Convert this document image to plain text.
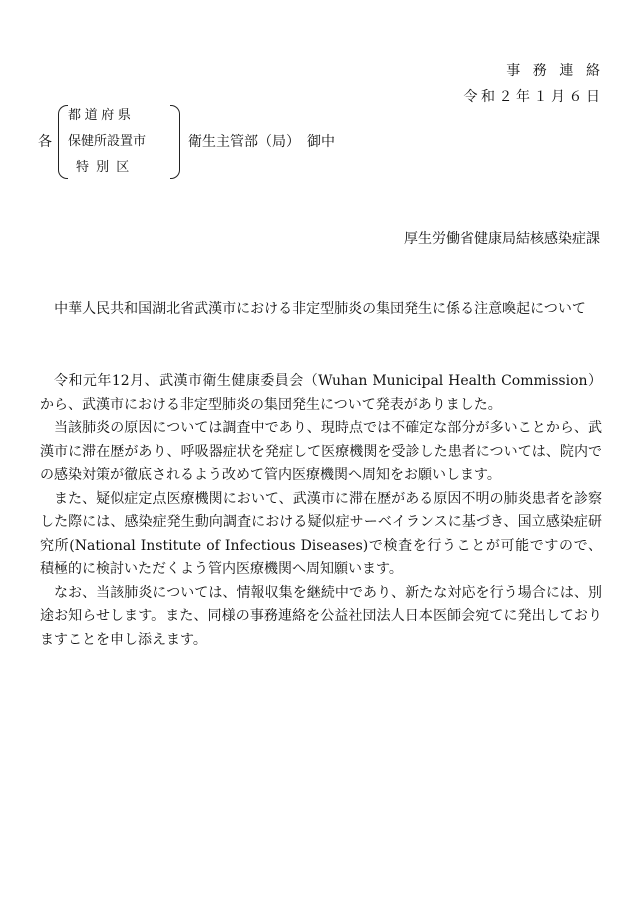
事務連絡
令和２年１月６日
各
都道府県
保健所設置市
特別区
衛生主管部（局）　御中
厚生労働省健康局結核感染症課
中華人民共和国湖北省武漢市における非定型肺炎の集団発生に係る注意喚起について

令和元年12月、武漢市衛生健康委員会（Wuhan Municipal Health Commission）から、武漢市における非定型肺炎の集団発生について発表がありました。

当該肺炎の原因については調査中であり、現時点では不確定な部分が多いことから、武漢市に滞在歴があり、呼吸器症状を発症して医療機関を受診した患者については、院内での感染対策が徹底されるよう改めて管内医療機関へ周知をお願いします。

また、疑似症定点医療機関において、武漢市に滞在歴がある原因不明の肺炎患者を診察した際には、感染症発生動向調査における疑似症サーベイランスに基づき、国立感染症研究所(National Institute of Infectious Diseases)で検査を行うことが可能ですので、積極的に検討いただくよう管内医療機関へ周知願います。

なお、当該肺炎については、情報収集を継続中であり、新たな対応を行う場合には、別途お知らせします。また、同様の事務連絡を公益社団法人日本医師会宛てに発出しておりますことを申し添えます。
